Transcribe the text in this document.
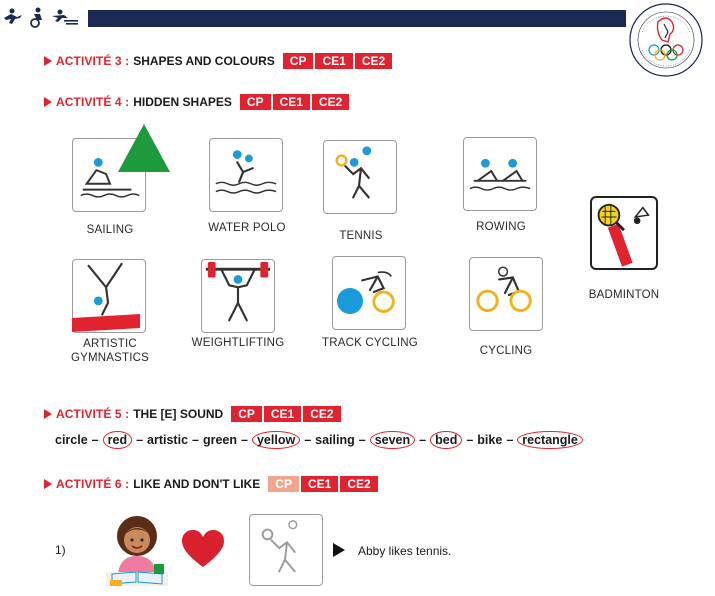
ACTIVITÉ 3 : SHAPES AND COLOURS	CP	CE1	CE2
ACTIVITÉ 4 : HIDDEN SHAPES	CP	CE1	CE2
SAILING	WATER POLO
TENNIS
ROWING
BADMINTON
ARTISTIC
GYMNASTICS
WEIGHTLIFTING	TRACK CYCLING
CYCLING
ACTIVITÉ 5 : THE [E] SOUND	CP	CE1	CE2
circle – red – artistic – green – yellow – sailing – seven – bed – bike – rectangle
ACTIVITÉ 6 : LIKE AND DON'T LIKE	CP	CE1	CE2
1)	Abby likes tennis.
